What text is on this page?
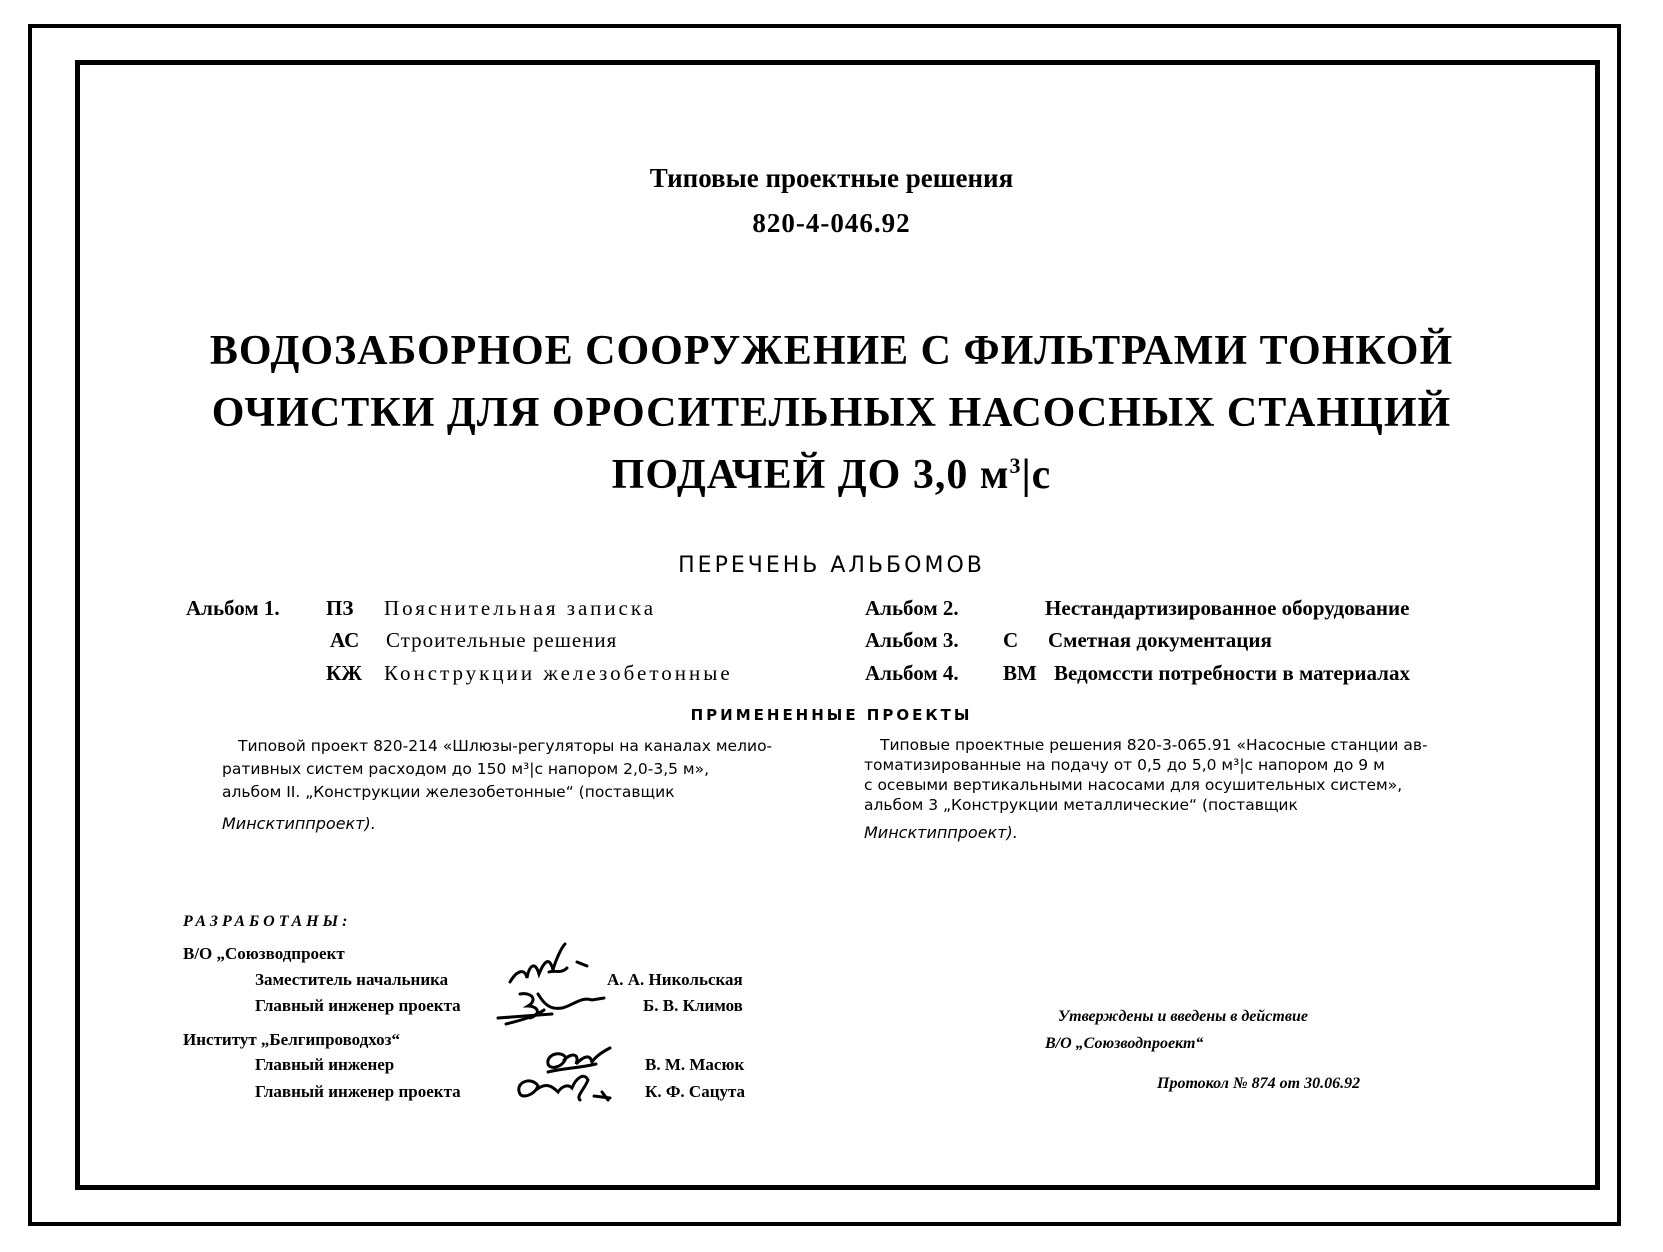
Типовые проектные решения
820-4-046.92
ВОДОЗАБОРНОЕ СООРУЖЕНИЕ С ФИЛЬТРАМИ ТОНКОЙ
ОЧИСТКИ ДЛЯ ОРОСИТЕЛЬНЫХ НАСОСНЫХ СТАНЦИЙ
ПОДАЧЕЙ ДО 3,0 $м^3|с$
ПЕРЕЧЕНЬ АЛЬБОМОВ
Альбом 1. ПЗ Пояснительная записка
АС Строительные решения
КЖ Конструкции железобетонные
Альбом 2.	Нестандартизированное оборудование
Альбом 3. С Сметная документация
Альбом 4. ВМ Ведомсcти потребности в материалах
ПРИМЕНЕННЫЕ ПРОЕКТЫ
Типовой проект 820-214 «Шлюзы-регуляторы на каналах мелио-
ративных систем расходом до 150 м³|с напором 2,0-3,5 м»,
альбом II. „Конструкции железобетонные“ (поставщик
Минсктиппроект).
Типовые проектные решения 820-3-065.91 «Насосные станции ав-
томатизированные на подачу от 0,5 до 5,0 м³|с напором до 9 м
с осевыми вертикальными насосами для осушительных систем»,
альбом 3 „Конструкции металлические“ (поставщик
Минсктиппроект).
РАЗРАБОТАНЫ:
В/О „Союзводпроект
Заместитель начальника	А. А. Никольская
Главный инженер проекта	Б. В. Климов
Институт „Белгипроводхоз“
Главный инженер	В. М. Масюк
Главный инженер проекта	К. Ф. Сацута
Утверждены и введены в действие
В/О „Союзводпроект“
Протокол № 874 от 30.06.92
